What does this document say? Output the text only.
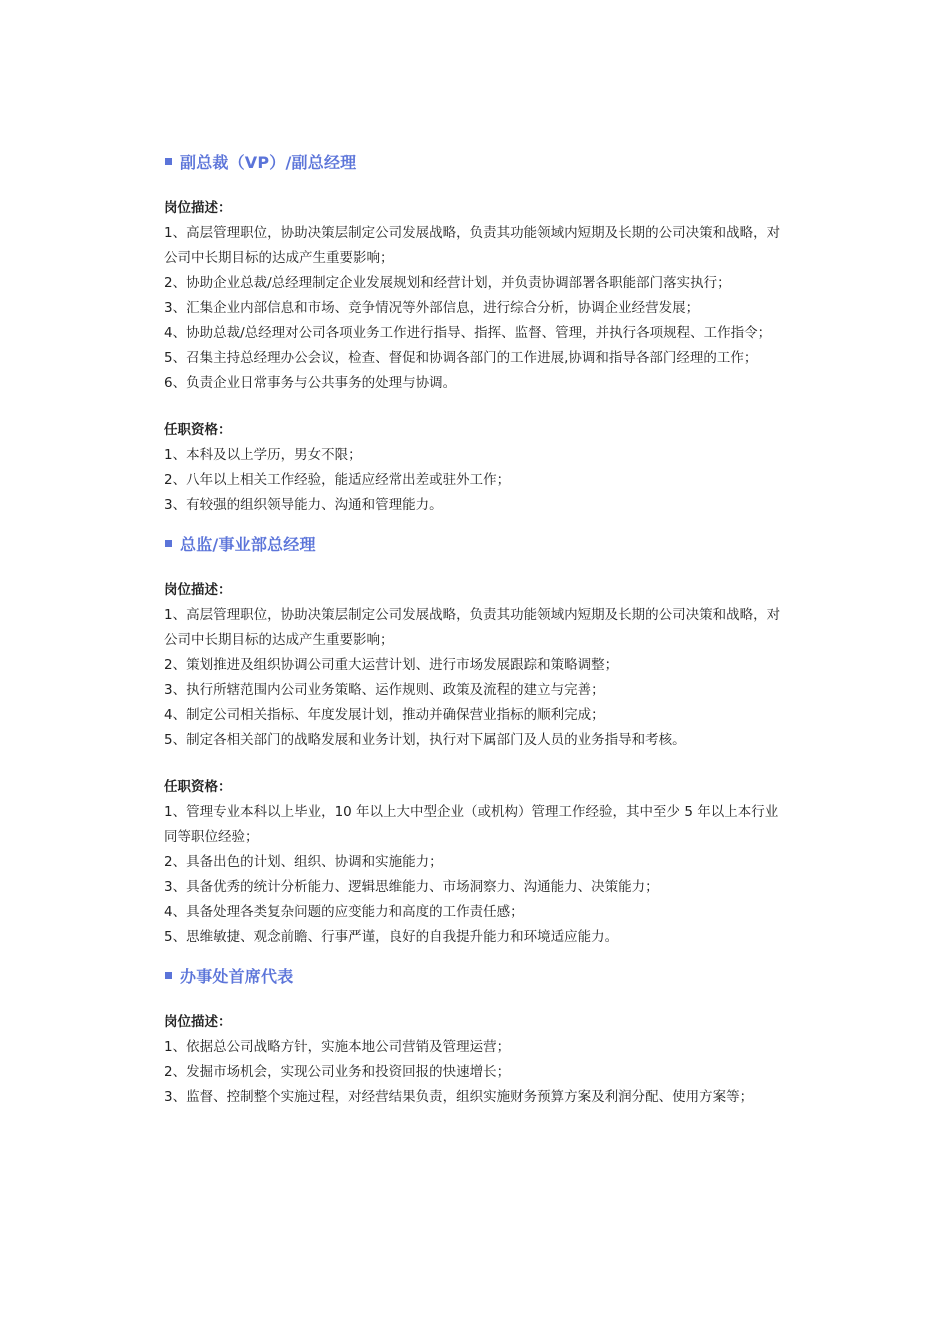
副总裁（VP）/副总经理
岗位描述：
1、高层管理职位，协助决策层制定公司发展战略，负责其功能领域内短期及长期的公司决策和战略，对公司中长期目标的达成产生重要影响；
2、协助企业总裁/总经理制定企业发展规划和经营计划，并负责协调部署各职能部门落实执行；
3、汇集企业内部信息和市场、竞争情况等外部信息，进行综合分析，协调企业经营发展；
4、协助总裁/总经理对公司各项业务工作进行指导、指挥、监督、管理，并执行各项规程、工作指令；
5、召集主持总经理办公会议，检查、督促和协调各部门的工作进展,协调和指导各部门经理的工作；
6、负责企业日常事务与公共事务的处理与协调。
任职资格：
1、本科及以上学历，男女不限；
2、八年以上相关工作经验，能适应经常出差或驻外工作；
3、有较强的组织领导能力、沟通和管理能力。
总监/事业部总经理
岗位描述：
1、高层管理职位，协助决策层制定公司发展战略，负责其功能领域内短期及长期的公司决策和战略，对公司中长期目标的达成产生重要影响；
2、策划推进及组织协调公司重大运营计划、进行市场发展跟踪和策略调整；
3、执行所辖范围内公司业务策略、运作规则、政策及流程的建立与完善；
4、制定公司相关指标、年度发展计划，推动并确保营业指标的顺利完成；
5、制定各相关部门的战略发展和业务计划，执行对下属部门及人员的业务指导和考核。
任职资格：
1、管理专业本科以上毕业，10 年以上大中型企业（或机构）管理工作经验，其中至少 5 年以上本行业同等职位经验；
2、具备出色的计划、组织、协调和实施能力；
3、具备优秀的统计分析能力、逻辑思维能力、市场洞察力、沟通能力、决策能力；
4、具备处理各类复杂问题的应变能力和高度的工作责任感；
5、思维敏捷、观念前瞻、行事严谨，良好的自我提升能力和环境适应能力。
办事处首席代表
岗位描述：
1、依据总公司战略方针，实施本地公司营销及管理运营；
2、发掘市场机会，实现公司业务和投资回报的快速增长；
3、监督、控制整个实施过程，对经营结果负责，组织实施财务预算方案及利润分配、使用方案等；
